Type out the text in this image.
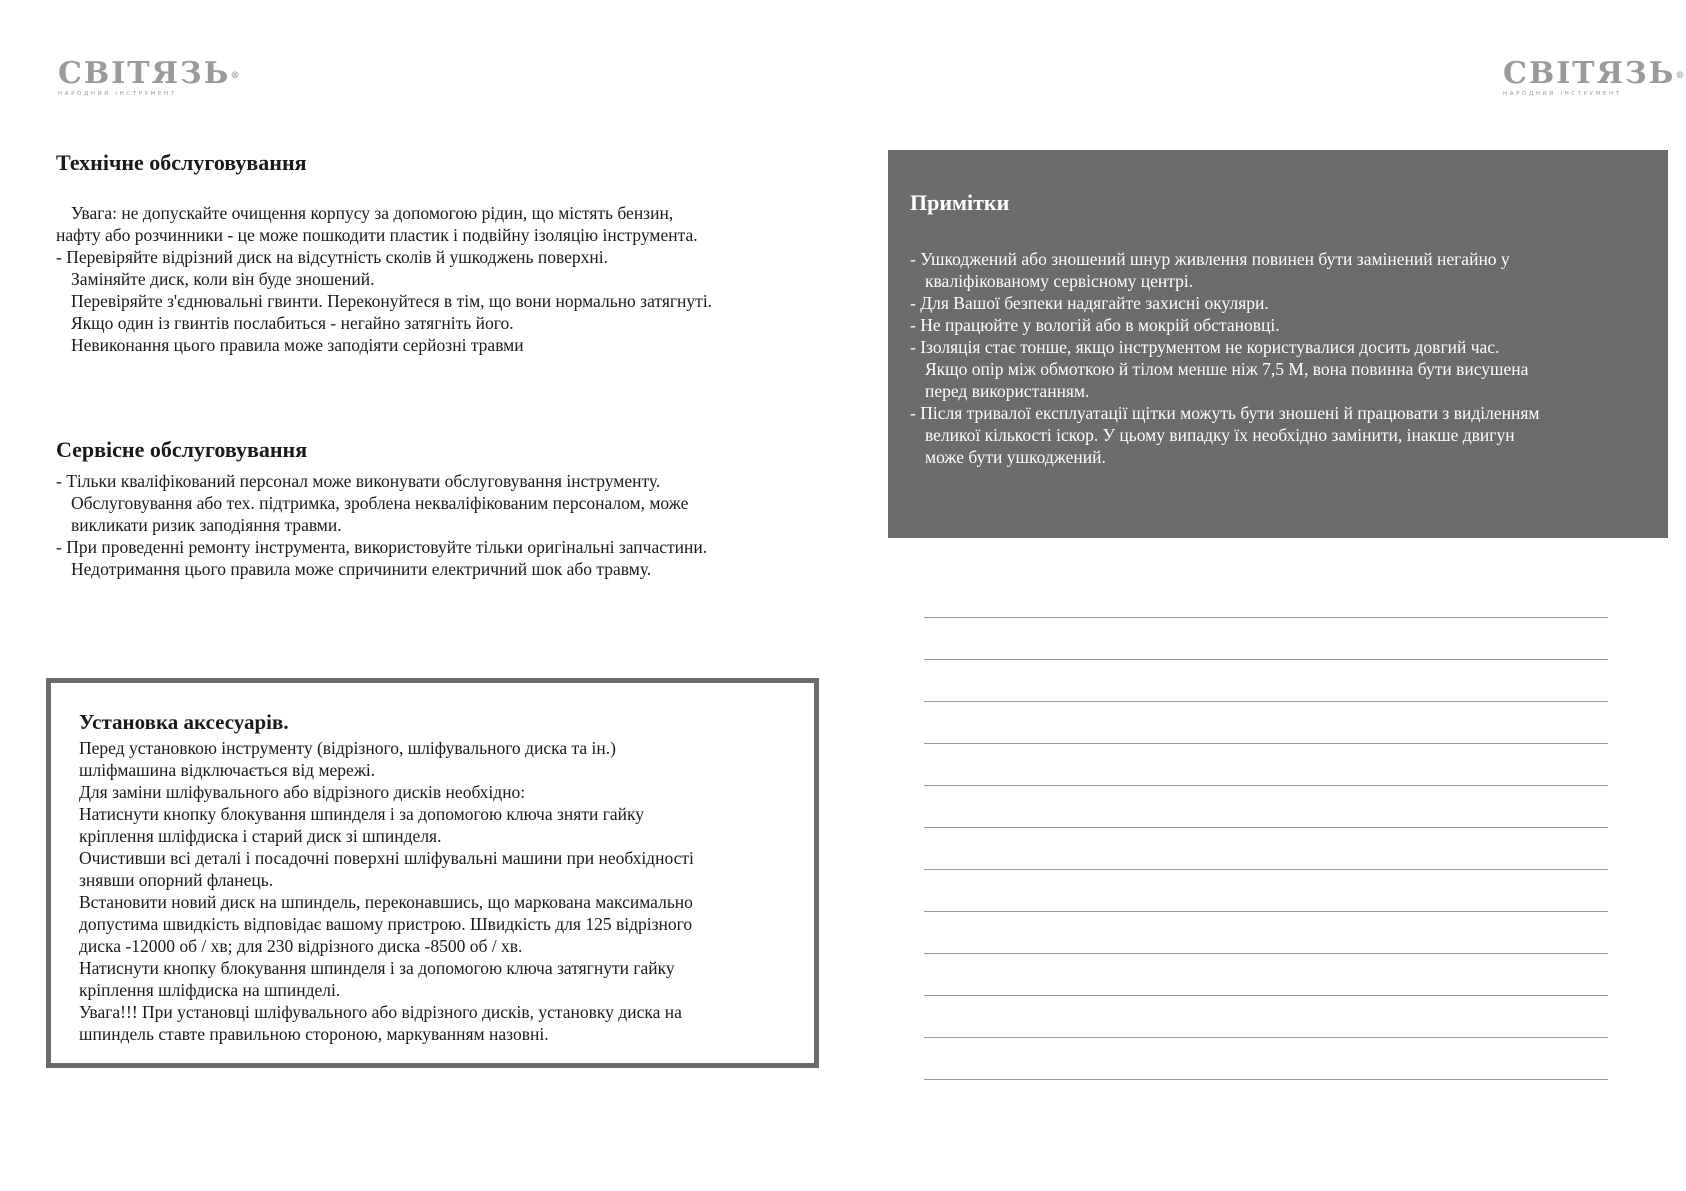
СВІТЯЗЬ®
НАРОДНИЙ ІНСТРУМЕНТ
СВІТЯЗЬ®
НАРОДНИЙ ІНСТРУМЕНТ
Технічне обслуговування

Увага: не допускайте очищення корпусу за допомогою рідин, що містять бензин,

нафту або розчинники - це може пошкодити пластик і подвійну ізоляцію інструмента.

- Перевіряйте відрізний диск на відсутність сколів й ушкоджень поверхні.

Заміняйте диск, коли він буде зношений.

Перевіряйте з'єднювальні гвинти. Переконуйтеся в тім, що вони нормально затягнуті.

Якщо один із гвинтів послабиться - негайно затягніть його.

Невиконання цього правила може заподіяти серйозні травми

Сервісне обслуговування

- Тільки кваліфікований персонал може виконувати обслуговування інструменту.

Обслуговування або тех. підтримка, зроблена некваліфікованим персоналом, може

викликати ризик заподіяння травми.

- При проведенні ремонту інструмента, використовуйте тільки оригінальні запчастини.

Недотримання цього правила може спричинити електричний шок або травму.

Установка аксесуарів.

Перед установкою інструменту (відрізного, шліфувального диска та ін.)

шліфмашина відключається від мережі.

Для заміни шліфувального або відрізного дисків необхідно:

Натиснути кнопку блокування шпинделя і за допомогою ключа зняти гайку

кріплення шліфдиска і старий диск зі шпинделя.

Очистивши всі деталі і посадочні поверхні шліфувальні машини при необхідності

знявши опорний фланець.

Встановити новий диск на шпиндель, переконавшись, що маркована максимально

допустима швидкість відповідає вашому пристрою. Швидкість для 125 відрізного

диска -12000 об / хв; для 230 відрізного диска -8500 об / хв.

Натиснути кнопку блокування шпинделя і за допомогою ключа затягнути гайку

кріплення шліфдиска на шпинделі.

Увага!!! При установці шліфувального або відрізного дисків, установку диска на

шпиндель ставте правильною стороною, маркуванням назовні.

Примітки

- Ушкоджений або зношений шнур живлення повинен бути замінений негайно у

кваліфікованому сервісному центрі.

- Для Вашої безпеки надягайте захисні окуляри.

- Не працюйте у вологій або в мокрій обстановці.

- Ізоляція стає тонше, якщо інструментом не користувалися досить довгий час.

Якщо опір між обмоткою й тілом менше ніж 7,5 М, вона повинна бути висушена

перед використанням.

- Після тривалої експлуатації щітки можуть бути зношені й працювати з виділенням

великої кількості іскор. У цьому випадку їх необхідно замінити, інакше двигун

може бути ушкоджений.
